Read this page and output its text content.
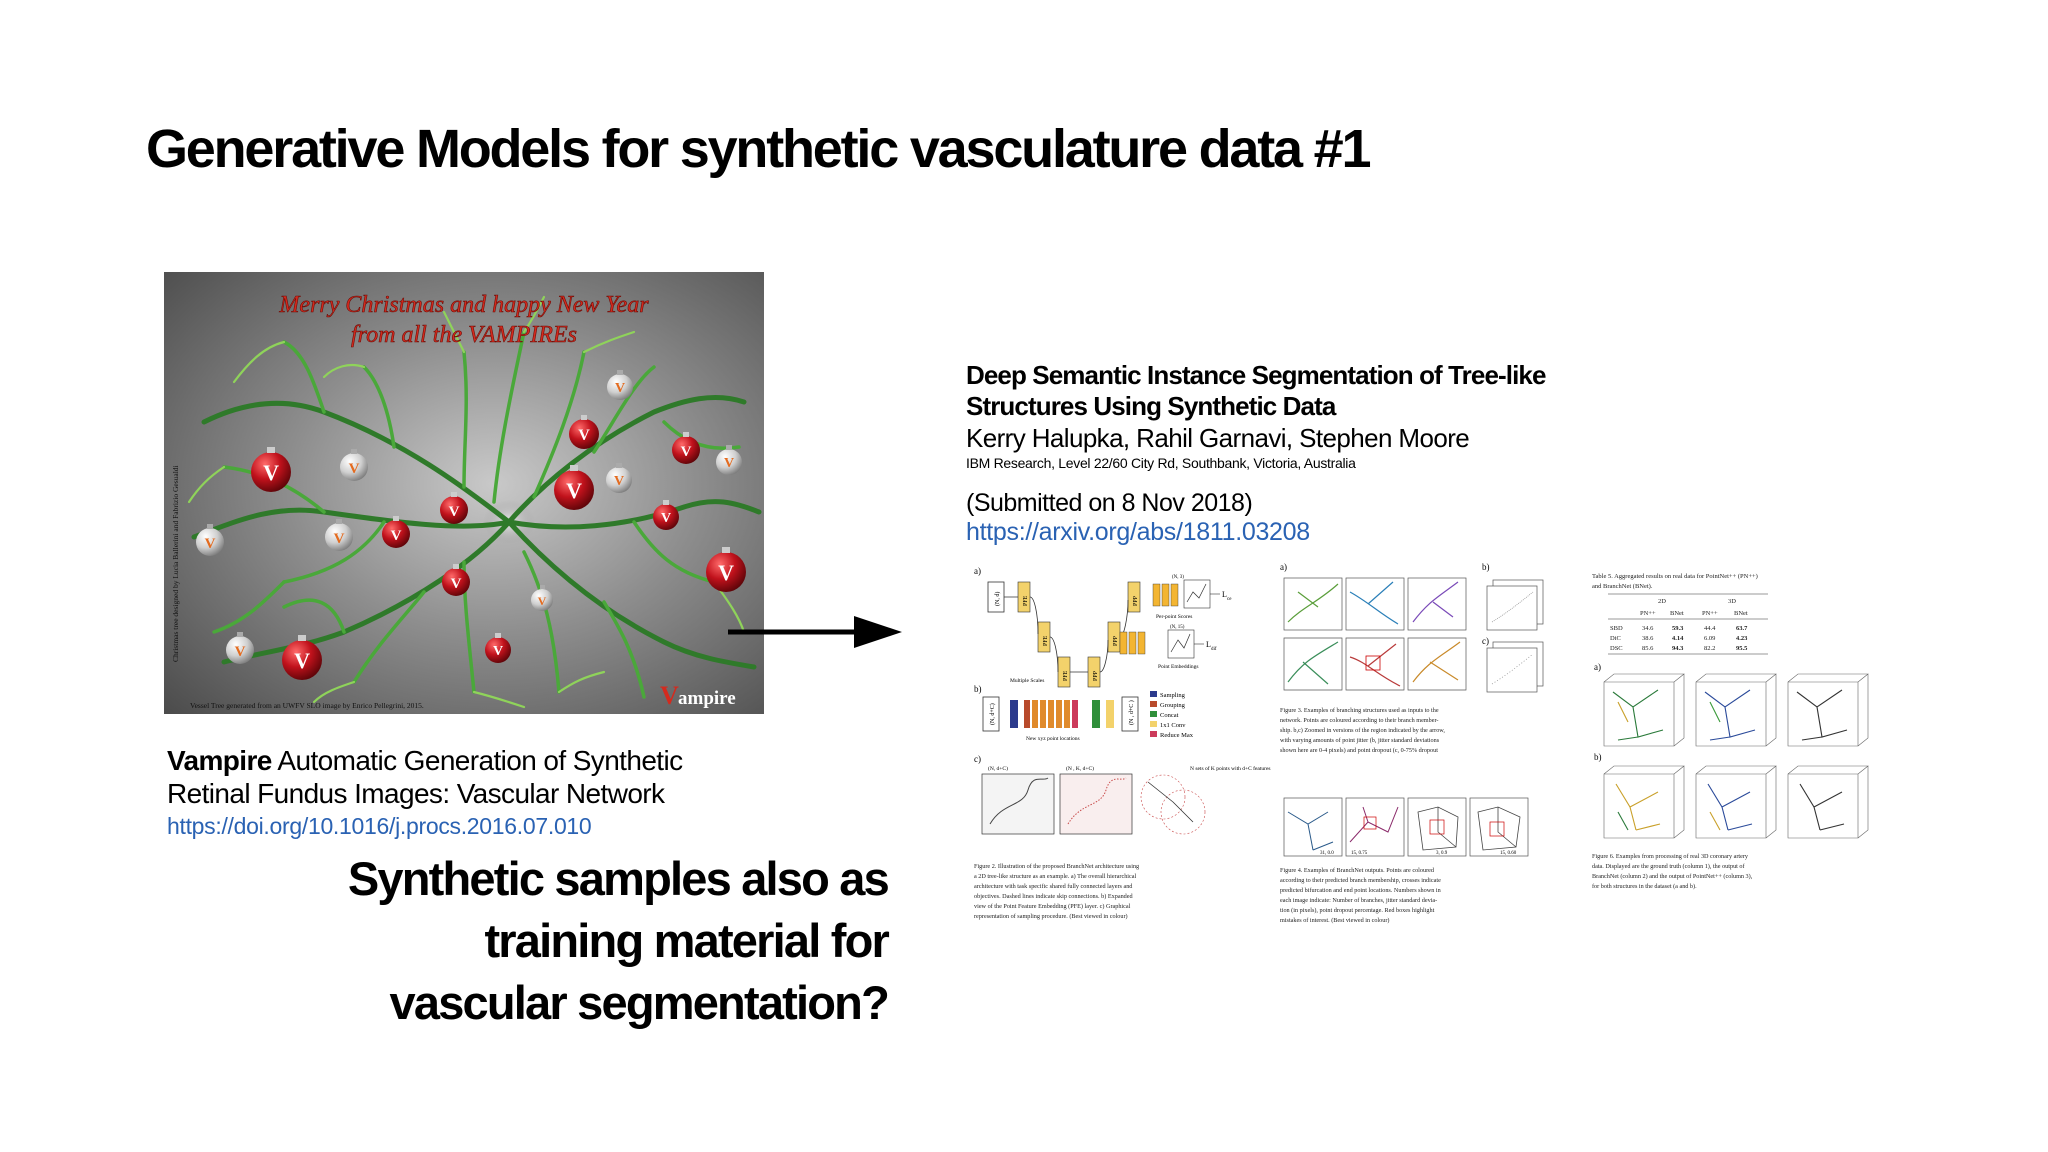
Generative Models for synthetic vasculature data #1
Merry Christmas and happy New Year
from all the VAMPIREs
V
V
V
V
V
V
V
V
V
V	V
V
V	V
V
V
V
V
V
Christmas tree designed by Lucia Ballerini and Fabrizio Gesualdi
Vessel Tree generated from an UWFV SLO image by Enrico Pellegrini, 2015.	V ampire
Vampire Automatic Generation of Synthetic
Retinal Fundus Images: Vascular Network
https://doi.org/10.1016/j.procs.2016.07.010
Synthetic samples also as
training material for
vascular segmentation?
Deep Semantic Instance Segmentation of Tree-like
Structures Using Synthetic Data
Kerry Halupka, Rahil Garnavi, Stephen Moore
IBM Research, Level 22/60 City Rd, Southbank, Victoria, Australia
(Submitted on 8 Nov 2018)
https://arxiv.org/abs/1811.03208
a)
(N, d)	PFE
PFE
PFE	PPP
PPP
PPP
(N, 3)
L
ce
Per-point Scores
(N, 15)
L
dif
Point Embeddings
b)
(N, d+C)
Multiple Scales
(N , d+C )
New xyz point locations
Sampling
Grouping
Concat
1x1 Conv
Reduce Max
c)
(N, d+C)	(N , K, d+C)	N sets of K points with d+C features
Figure 2. Illustration of the proposed BranchNet architecture using
a 2D tree-like structure as an example. a) The overall hierarchical
architecture with task specific shared fully connected layers and
objectives. Dashed lines indicate skip connections. b) Expanded
view of the Point Feature Embedding (PFE) layer. c) Graphical
representation of sampling procedure. (Best viewed in colour)
a)	b)
c)
Figure 3. Examples of branching structures used as inputs to the
network. Points are coloured according to their branch member-
ship. b,c) Zoomed in versions of the region indicated by the arrow,
with varying amounts of point jitter (b, jitter standard deviations
shown here are 0-4 pixels) and point dropout (c, 0-75% dropout
31, 0.0	15, 0.75	3, 0.9	15, 0.60
Figure 4. Examples of BranchNet outputs. Points are coloured
according to their predicted branch membership, crosses indicate
predicted bifurcation and end point locations. Numbers shown in
each image indicate: Number of branches, jitter standard devia-
tion (in pixels), point dropout percentage. Red boxes highlight
mistakes of interest. (Best viewed in colour)
Table 5. Aggregated results on real data for PointNet++ (PN++)
and BranchNet (BNet).
2D	3D
PN++ BNet	PN++	BNet
SBD	34.6	59.3	44.4	63.7
DiC	38.6	4.14	6.09	4.23
DSC	85.6	94.3	82.2	95.5
a)
b)
Figure 6. Examples from processing of real 3D coronary artery
data. Displayed are the ground truth (column 1), the output of
BranchNet (column 2) and the output of PointNet++ (column 3),
for both structures in the dataset (a and b).
